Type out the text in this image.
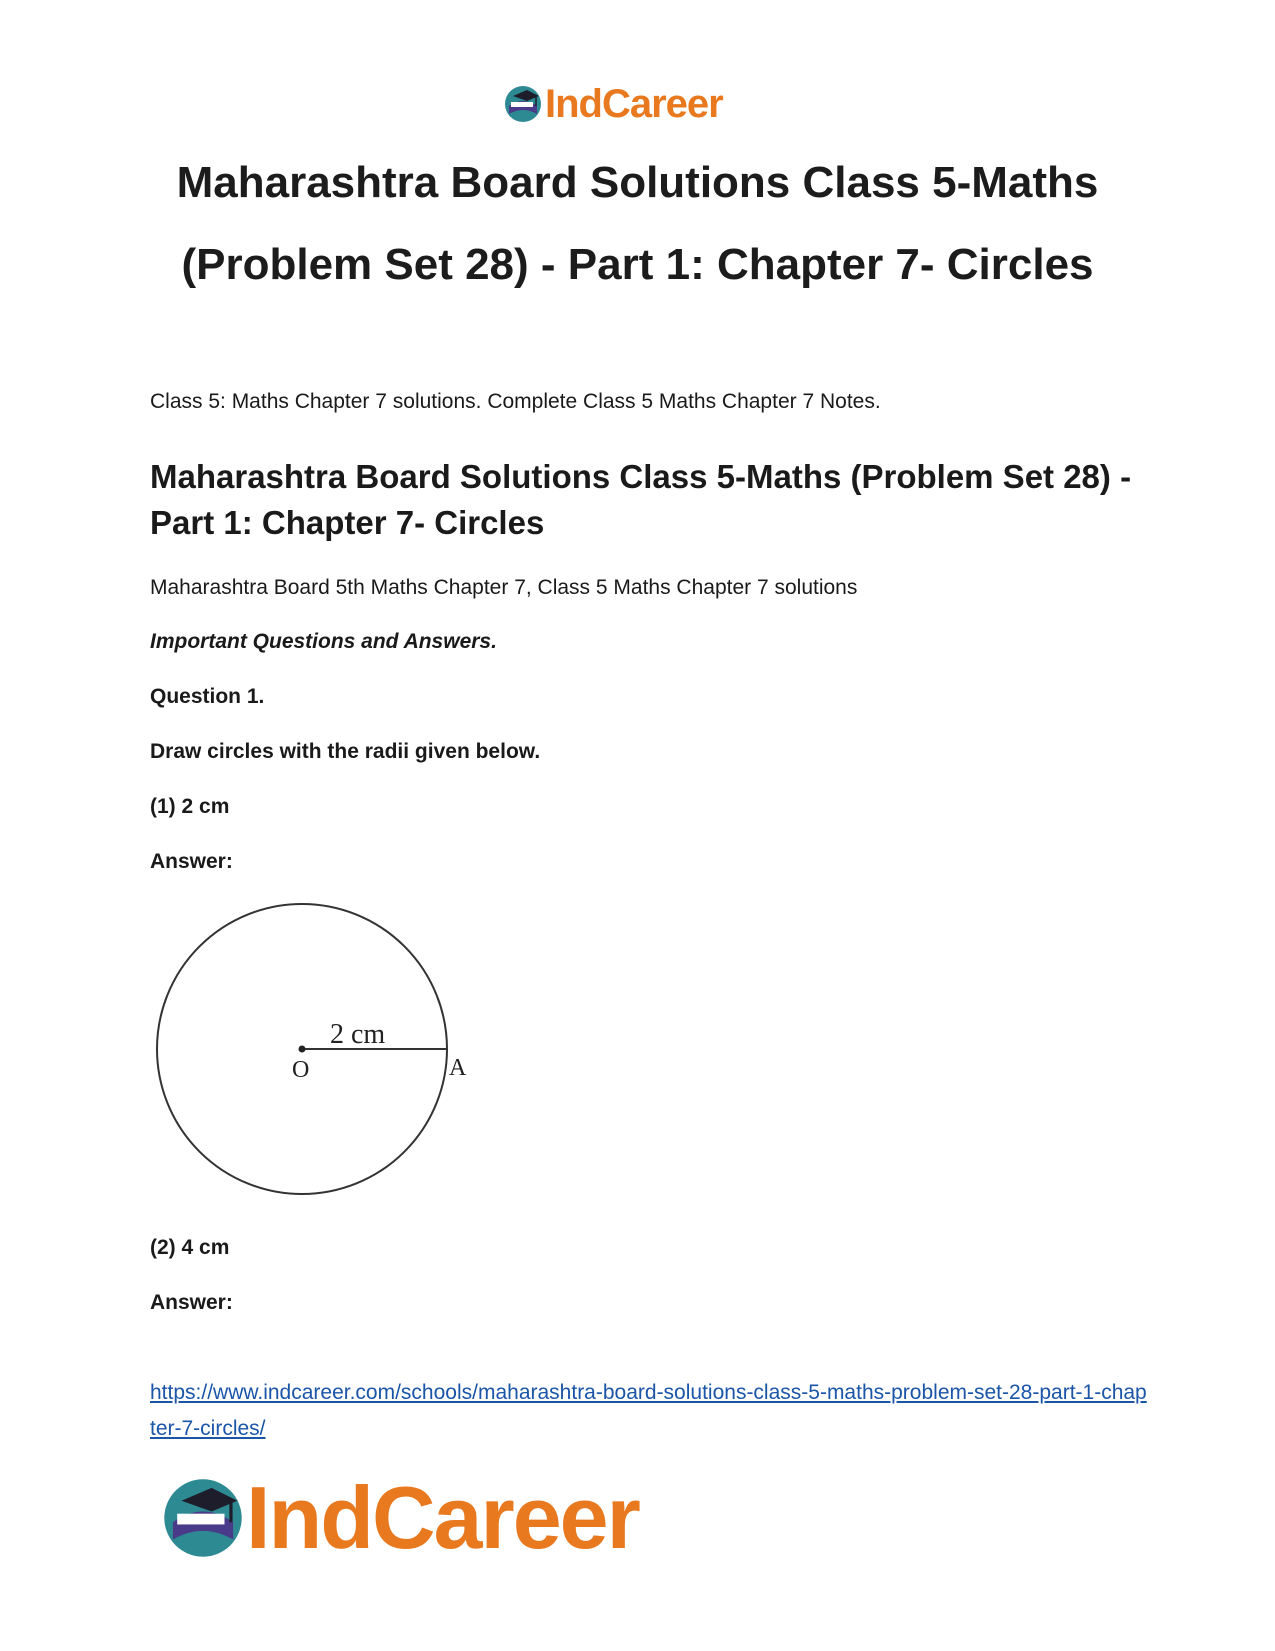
IndCareer
Maharashtra Board Solutions Class 5-Maths (Problem Set 28) - Part 1: Chapter 7- Circles

Class 5: Maths Chapter 7 solutions. Complete Class 5 Maths Chapter 7 Notes.

Maharashtra Board Solutions Class 5-Maths (Problem Set 28) - Part 1: Chapter 7- Circles

Maharashtra Board 5th Maths Chapter 7, Class 5 Maths Chapter 7 solutions

Important Questions and Answers.

Question 1.

Draw circles with the radii given below.

(1) 2 cm

Answer:

2 cm
O	A

(2) 4 cm

Answer:

https://www.indcareer.com/schools/maharashtra-board-solutions-class-5-maths-problem-set-28-part-1-chapter-7-circles/
IndCareer
